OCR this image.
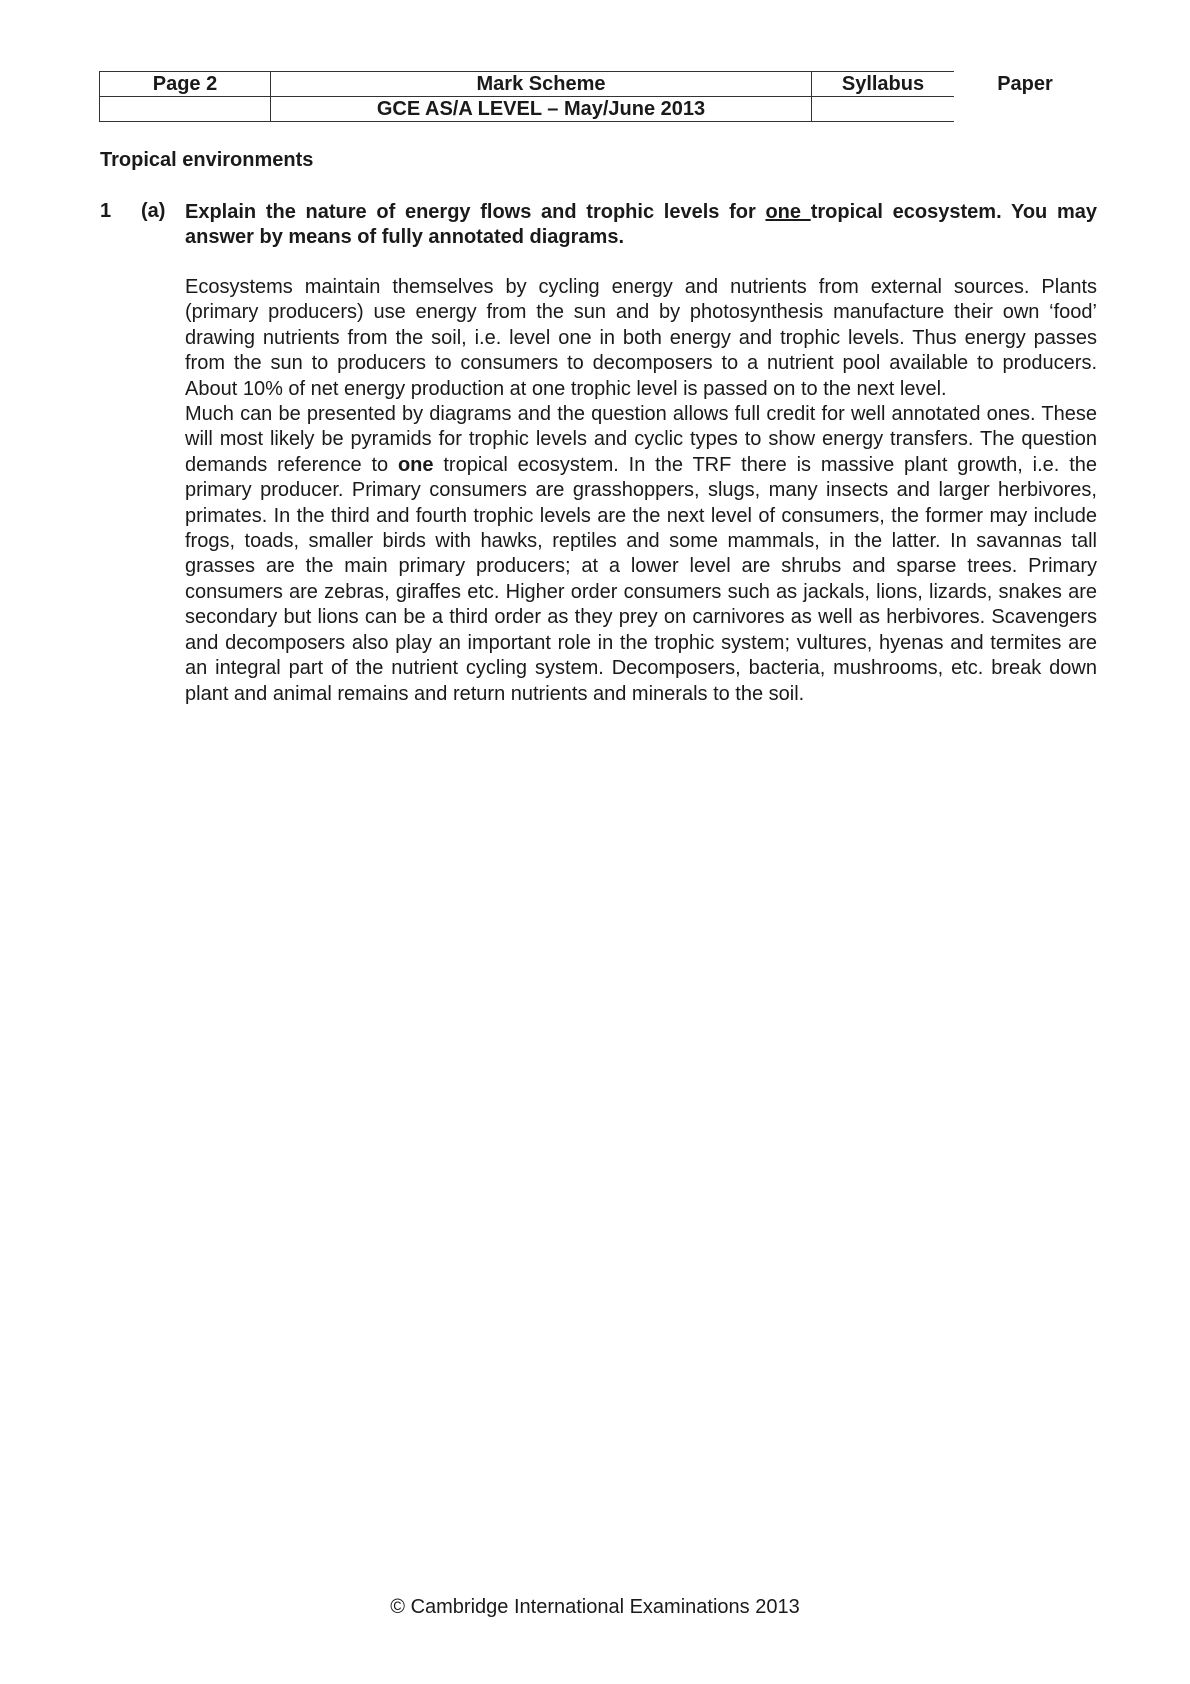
Page 2	Mark Scheme	Syllabus	Paper
	GCE AS/A LEVEL – May/June 2013		
Tropical environments
1 (a) Explain the nature of energy flows and trophic levels for one tropical ecosystem. You may answer by means of fully annotated diagrams.

Ecosystems maintain themselves by cycling energy and nutrients from external sources. Plants (primary producers) use energy from the sun and by photosynthesis manufacture their own ‘food’ drawing nutrients from the soil, i.e. level one in both energy and trophic levels. Thus energy passes from the sun to producers to consumers to decomposers to a nutrient pool available to producers. About 10% of net energy production at one trophic level is passed on to the next level.

Much can be presented by diagrams and the question allows full credit for well annotated ones. These will most likely be pyramids for trophic levels and cyclic types to show energy transfers. The question demands reference to one tropical ecosystem. In the TRF there is massive plant growth, i.e. the primary producer. Primary consumers are grasshoppers, slugs, many insects and larger herbivores, primates. In the third and fourth trophic levels are the next level of consumers, the former may include frogs, toads, smaller birds with hawks, reptiles and some mammals, in the latter. In savannas tall grasses are the main primary producers; at a lower level are shrubs and sparse trees. Primary consumers are zebras, giraffes etc. Higher order consumers such as jackals, lions, lizards, snakes are secondary but lions can be a third order as they prey on carnivores as well as herbivores. Scavengers and decomposers also play an important role in the trophic system; vultures, hyenas and termites are an integral part of the nutrient cycling system. Decomposers, bacteria, mushrooms, etc. break down plant and animal remains and return nutrients and minerals to the soil.

© Cambridge International Examinations 2013
